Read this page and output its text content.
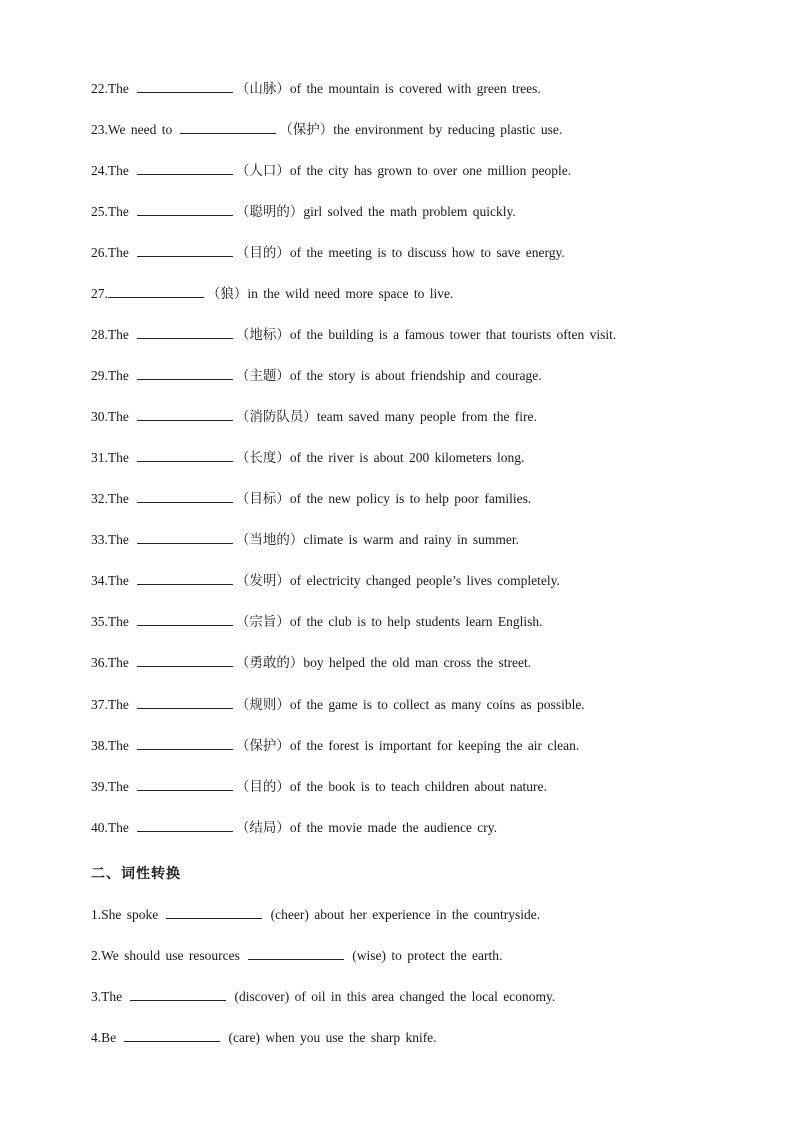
22.The	（山脉）of the mountain is covered with green trees.
23.We need to	（保护）the environment by reducing plastic use.
24.The	（人口）of the city has grown to over one million people.
25.The	（聪明的）girl solved the math problem quickly.
26.The	（目的）of the meeting is to discuss how to save energy.
27.	（狼）in the wild need more space to live.
28.The	（地标）of the building is a famous tower that tourists often visit.
29.The	（主题）of the story is about friendship and courage.
30.The	（消防队员）team saved many people from the fire.
31.The	（长度）of the river is about 200 kilometers long.
32.The	（目标）of the new policy is to help poor families.
33.The	（当地的）climate is warm and rainy in summer.
34.The	（发明）of electricity changed people’s lives completely.
35.The	（宗旨）of the club is to help students learn English.
36.The	（勇敢的）boy helped the old man cross the street.
37.The	（规则）of the game is to collect as many coins as possible.
38.The	（保护）of the forest is important for keeping the air clean.
39.The	（目的）of the book is to teach children about nature.
40.The	（结局）of the movie made the audience cry.
二、词性转换
1.She spoke	(cheer) about her experience in the countryside.
2.We should use resources	(wise) to protect the earth.
3.The	(discover) of oil in this area changed the local economy.
4.Be	(care) when you use the sharp knife.
